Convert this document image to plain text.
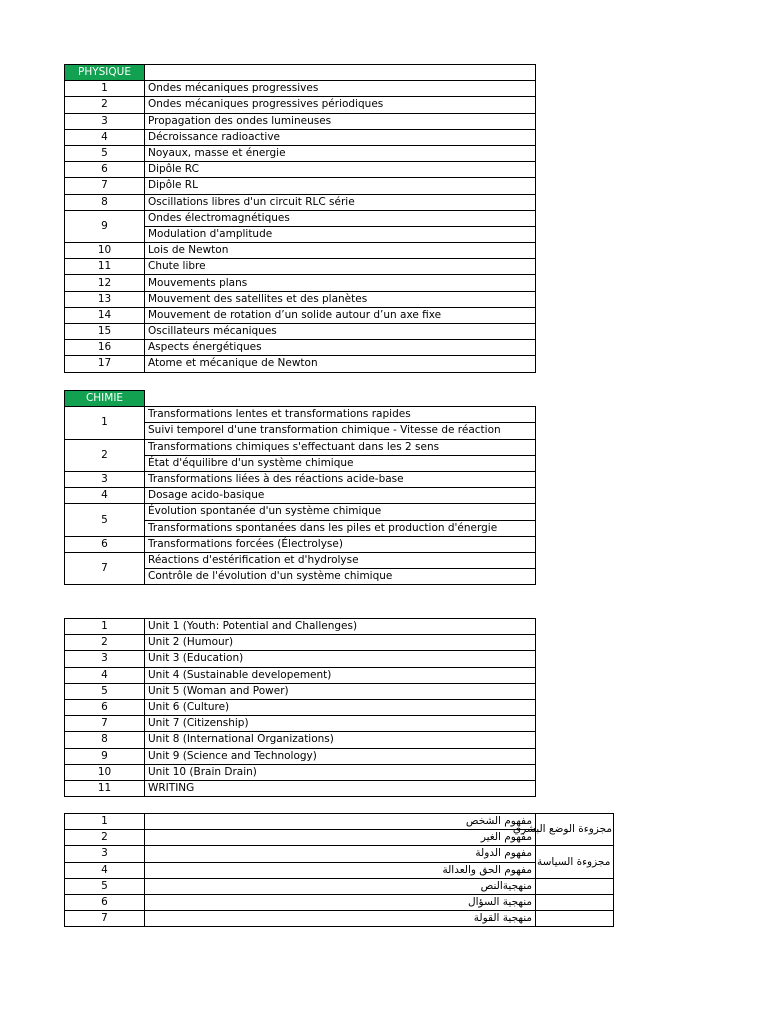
PHYSIQUE	
1	Ondes mécaniques progressives
2	Ondes mécaniques progressives périodiques
3	Propagation des ondes lumineuses
4	Décroissance radioactive
5	Noyaux, masse et énergie
6	Dipôle RC
7	Dipôle RL
8	Oscillations libres d'un circuit RLC série
9	Ondes électromagnétiques
	Modulation d'amplitude
10	Lois de Newton
11	Chute libre
12	Mouvements plans
13	Mouvement des satellites et des planètes
14	Mouvement de rotation d’un solide autour d’un axe fixe
15	Oscillateurs mécaniques
16	Aspects énergétiques
17	Atome et mécanique de Newton
CHIMIE	
1	Transformations lentes et transformations rapides
	Suivi temporel d'une transformation chimique - Vitesse de réaction
2	Transformations chimiques s'effectuant dans les 2 sens
	État d'équilibre d'un système chimique
3	Transformations liées à des réactions acide-base
4	Dosage acido-basique
5	Évolution spontanée d'un système chimique
	Transformations spontanées dans les piles et production d'énergie
6	Transformations forcées (Électrolyse)
7	Réactions d'estérification et d'hydrolyse
	Contrôle de l'évolution d'un système chimique
1	Unit 1 (Youth: Potential and Challenges)
2	Unit 2 (Humour)
3	Unit 3 (Education)
4	Unit 4 (Sustainable developement)
5	Unit 5 (Woman and Power)
6	Unit 6 (Culture)
7	Unit 7 (Citizenship)
8	Unit 8 (International Organizations)
9	Unit 9 (Science and Technology)
10	Unit 10 (Brain Drain)
11	WRITING
1	مفهوم الشخص	مجزوءة الوضع البشري
2	مفهوم الغير	
3	مفهوم الدولة	مجزوءة السياسة
4	مفهوم الحق والعدالة	
5	منهجيةالنص	
6	منهجية السؤال	
7	منهجية القولة	
